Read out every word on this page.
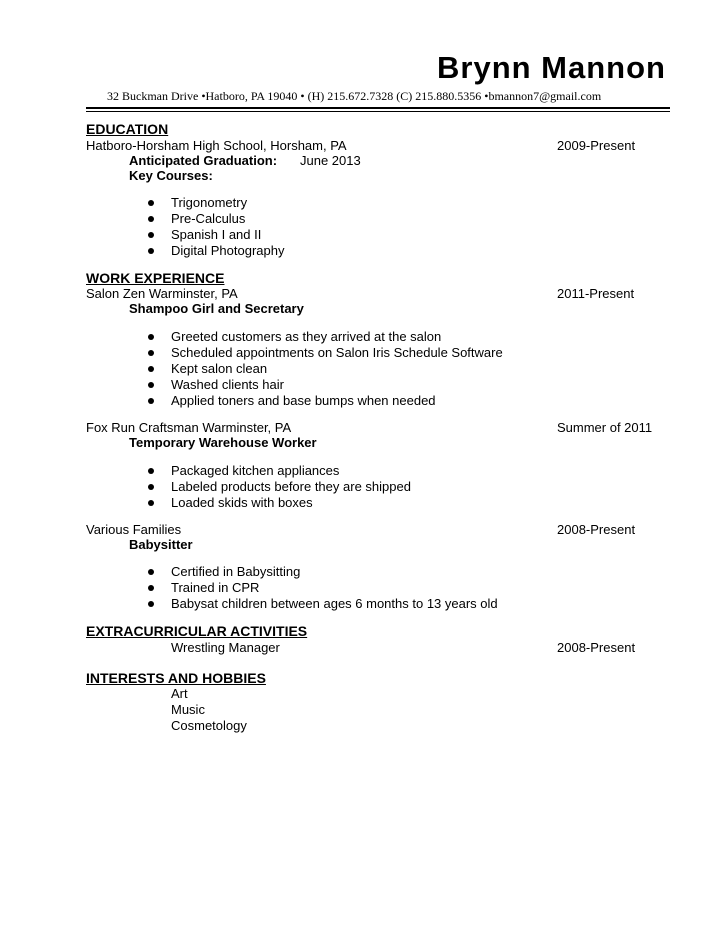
Brynn Mannon
32 Buckman Drive •Hatboro, PA 19040 • (H) 215.672.7328 (C) 215.880.5356 •bmannon7@gmail.com
EDUCATION
Hatboro-Horsham High School, Horsham, PA	2009-Present
Anticipated Graduation: June 2013
Key Courses:
Trigonometry
Pre-Calculus
Spanish I and II
Digital Photography
WORK EXPERIENCE
Salon Zen Warminster, PA	2011-Present
Shampoo Girl and Secretary
Greeted customers as they arrived at the salon
Scheduled appointments on Salon Iris Schedule Software
Kept salon clean
Washed clients hair
Applied toners and base bumps when needed
Fox Run Craftsman Warminster, PA	Summer of 2011
Temporary Warehouse Worker
Packaged kitchen appliances
Labeled products before they are shipped
Loaded skids with boxes
Various Families	2008-Present
Babysitter
Certified in Babysitting
Trained in CPR
Babysat children between ages 6 months to 13 years old
EXTRACURRICULAR ACTIVITIES
Wrestling Manager	2008-Present
INTERESTS AND HOBBIES
Art
Music
Cosmetology
